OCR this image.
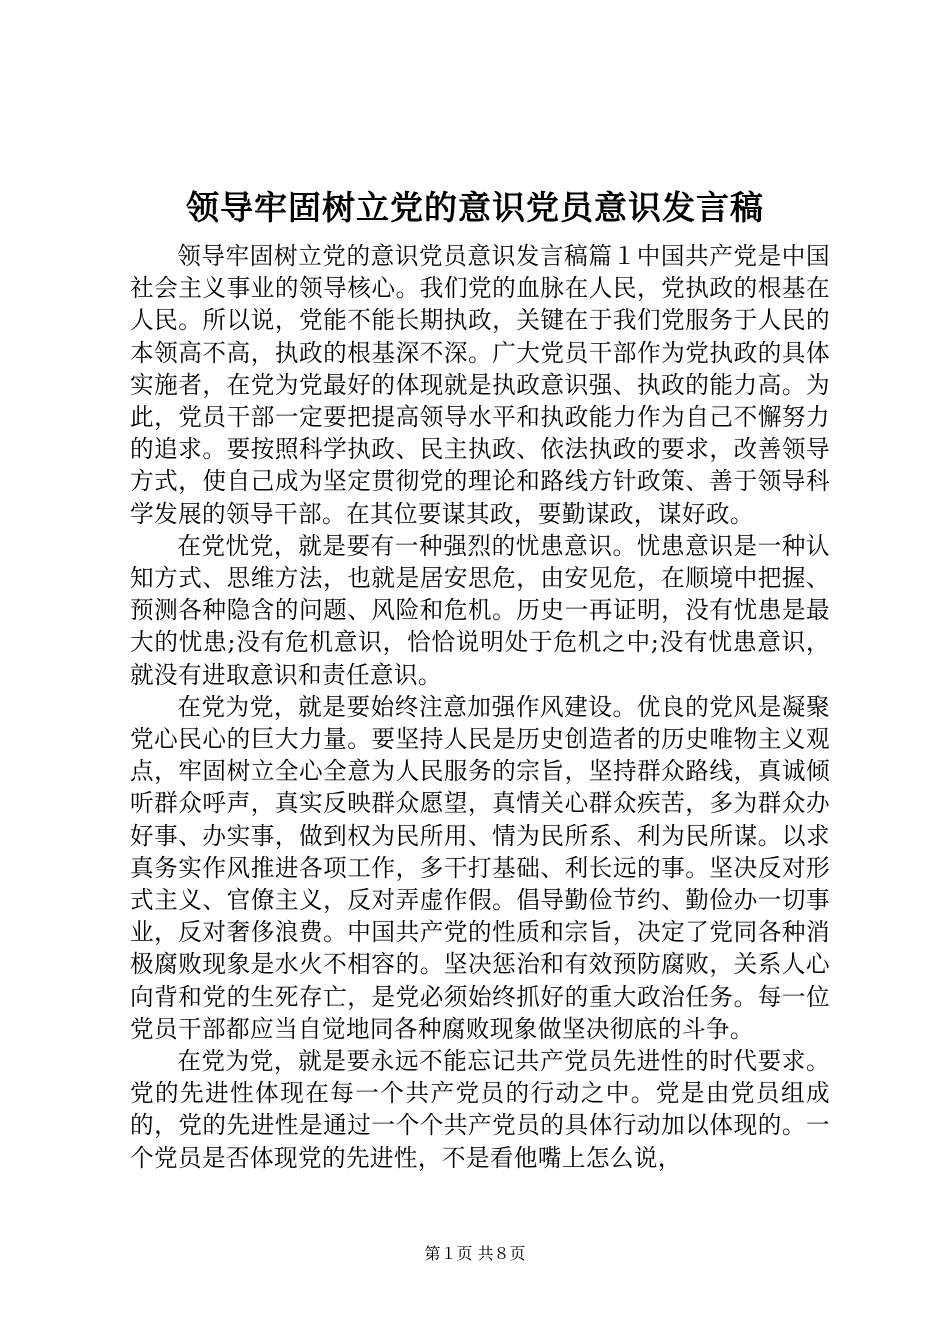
领导牢固树立党的意识党员意识发言稿

领导牢固树立党的意识党员意识发言稿篇１中国共产党是中国社会主义事业的领导核心。我们党的血脉在人民，党执政的根基在人民。所以说，党能不能长期执政，关键在于我们党服务于人民的本领高不高，执政的根基深不深。广大党员干部作为党执政的具体实施者，在党为党最好的体现就是执政意识强、执政的能力高。为此，党员干部一定要把提高领导水平和执政能力作为自己不懈努力的追求。要按照科学执政、民主执政、依法执政的要求，改善领导方式，使自己成为坚定贯彻党的理论和路线方针政策、善于领导科学发展的领导干部。在其位要谋其政，要勤谋政，谋好政。

在党忧党，就是要有一种强烈的忧患意识。忧患意识是一种认知方式、思维方法，也就是居安思危，由安见危，在顺境中把握、预测各种隐含的问题、风险和危机。历史一再证明，没有忧患是最大的忧患;没有危机意识，恰恰说明处于危机之中;没有忧患意识，就没有进取意识和责任意识。

在党为党，就是要始终注意加强作风建设。优良的党风是凝聚党心民心的巨大力量。要坚持人民是历史创造者的历史唯物主义观点，牢固树立全心全意为人民服务的宗旨，坚持群众路线，真诚倾听群众呼声，真实反映群众愿望，真情关心群众疾苦，多为群众办好事、办实事，做到权为民所用、情为民所系、利为民所谋。以求真务实作风推进各项工作，多干打基础、利长远的事。坚决反对形式主义、官僚主义，反对弄虚作假。倡导勤俭节约、勤俭办一切事业，反对奢侈浪费。中国共产党的性质和宗旨，决定了党同各种消极腐败现象是水火不相容的。坚决惩治和有效预防腐败，关系人心向背和党的生死存亡，是党必须始终抓好的重大政治任务。每一位党员干部都应当自觉地同各种腐败现象做坚决彻底的斗争。

在党为党，就是要永远不能忘记共产党员先进性的时代要求。党的先进性体现在每一个共产党员的行动之中。党是由党员组成的，党的先进性是通过一个个共产党员的具体行动加以体现的。一个党员是否体现党的先进性，不是看他嘴上怎么说，

第１页 共８页
